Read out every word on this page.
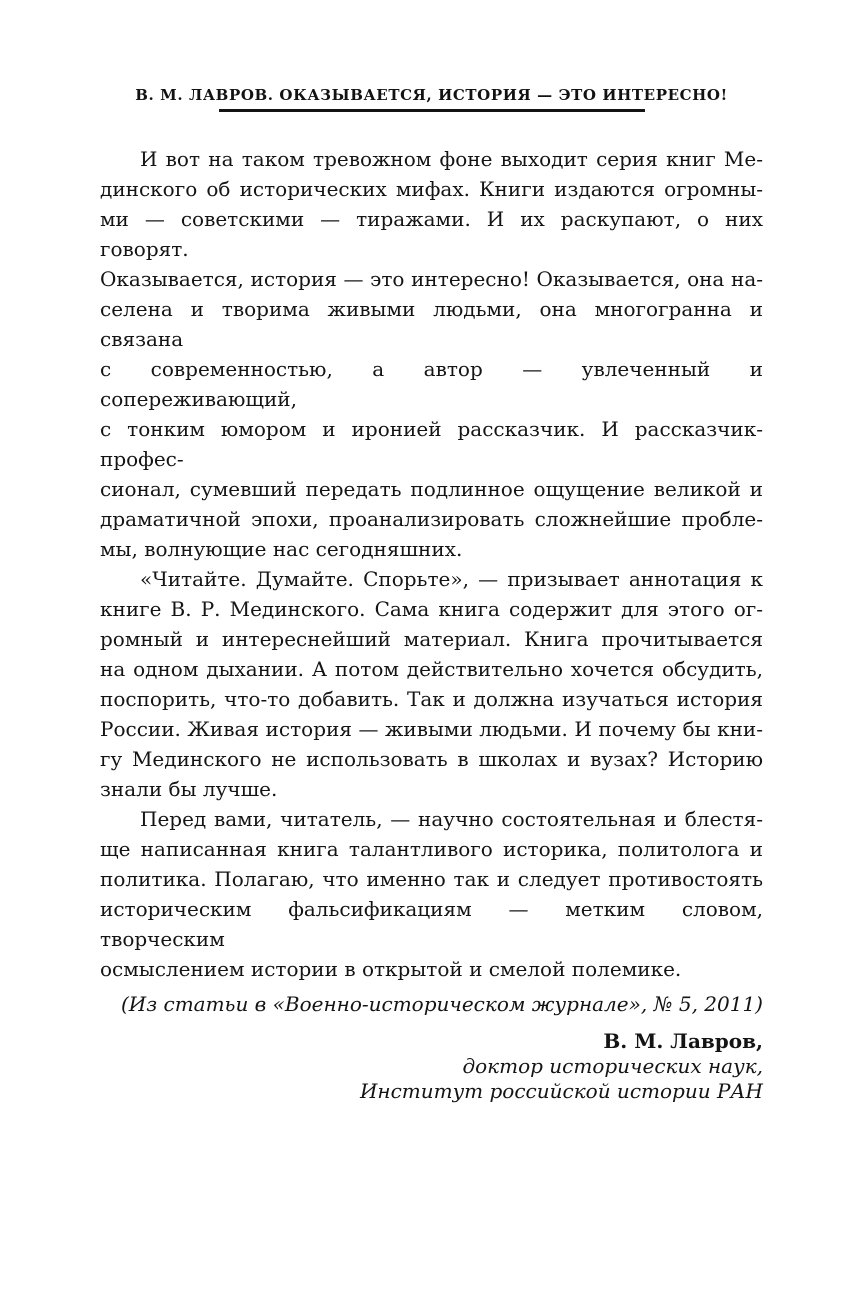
В. М. ЛАВРОВ. ОКАЗЫВАЕТСЯ, ИСТОРИЯ — ЭТО ИНТЕРЕСНО!
И вот на таком тревожном фоне выходит серия книг Ме-
динского об исторических мифах. Книги издаются огромны-
ми — советскими — тиражами. И их раскупают, о них говорят.
Оказывается, история — это интересно! Оказывается, она на-
селена и творима живыми людьми, она многогранна и связана
с современностью, а автор — увлеченный и сопереживающий,
с тонким юмором и иронией рассказчик. И рассказчик-профес-
сионал, сумевший передать подлинное ощущение великой и
драматичной эпохи, проанализировать сложнейшие пробле-
мы, волнующие нас сегодняшних.
«Читайте. Думайте. Спорьте», — призывает аннотация к
книге В. Р. Мединского. Сама книга содержит для этого ог-
ромный и интереснейший материал. Книга прочитывается
на одном дыхании. А потом действительно хочется обсудить,
поспорить, что-то добавить. Так и должна изучаться история
России. Живая история — живыми людьми. И почему бы кни-
гу Мединского не использовать в школах и вузах? Историю
знали бы лучше.
Перед вами, читатель, — научно состоятельная и блестя-
ще написанная книга талантливого историка, политолога и
политика. Полагаю, что именно так и следует противостоять
историческим фальсификациям — метким словом, творческим
осмыслением истории в открытой и смелой полемике.
(Из статьи в «Военно-историческом журнале», № 5, 2011)
В. М. Лавров,
доктор исторических наук,
Институт российской истории РАН
